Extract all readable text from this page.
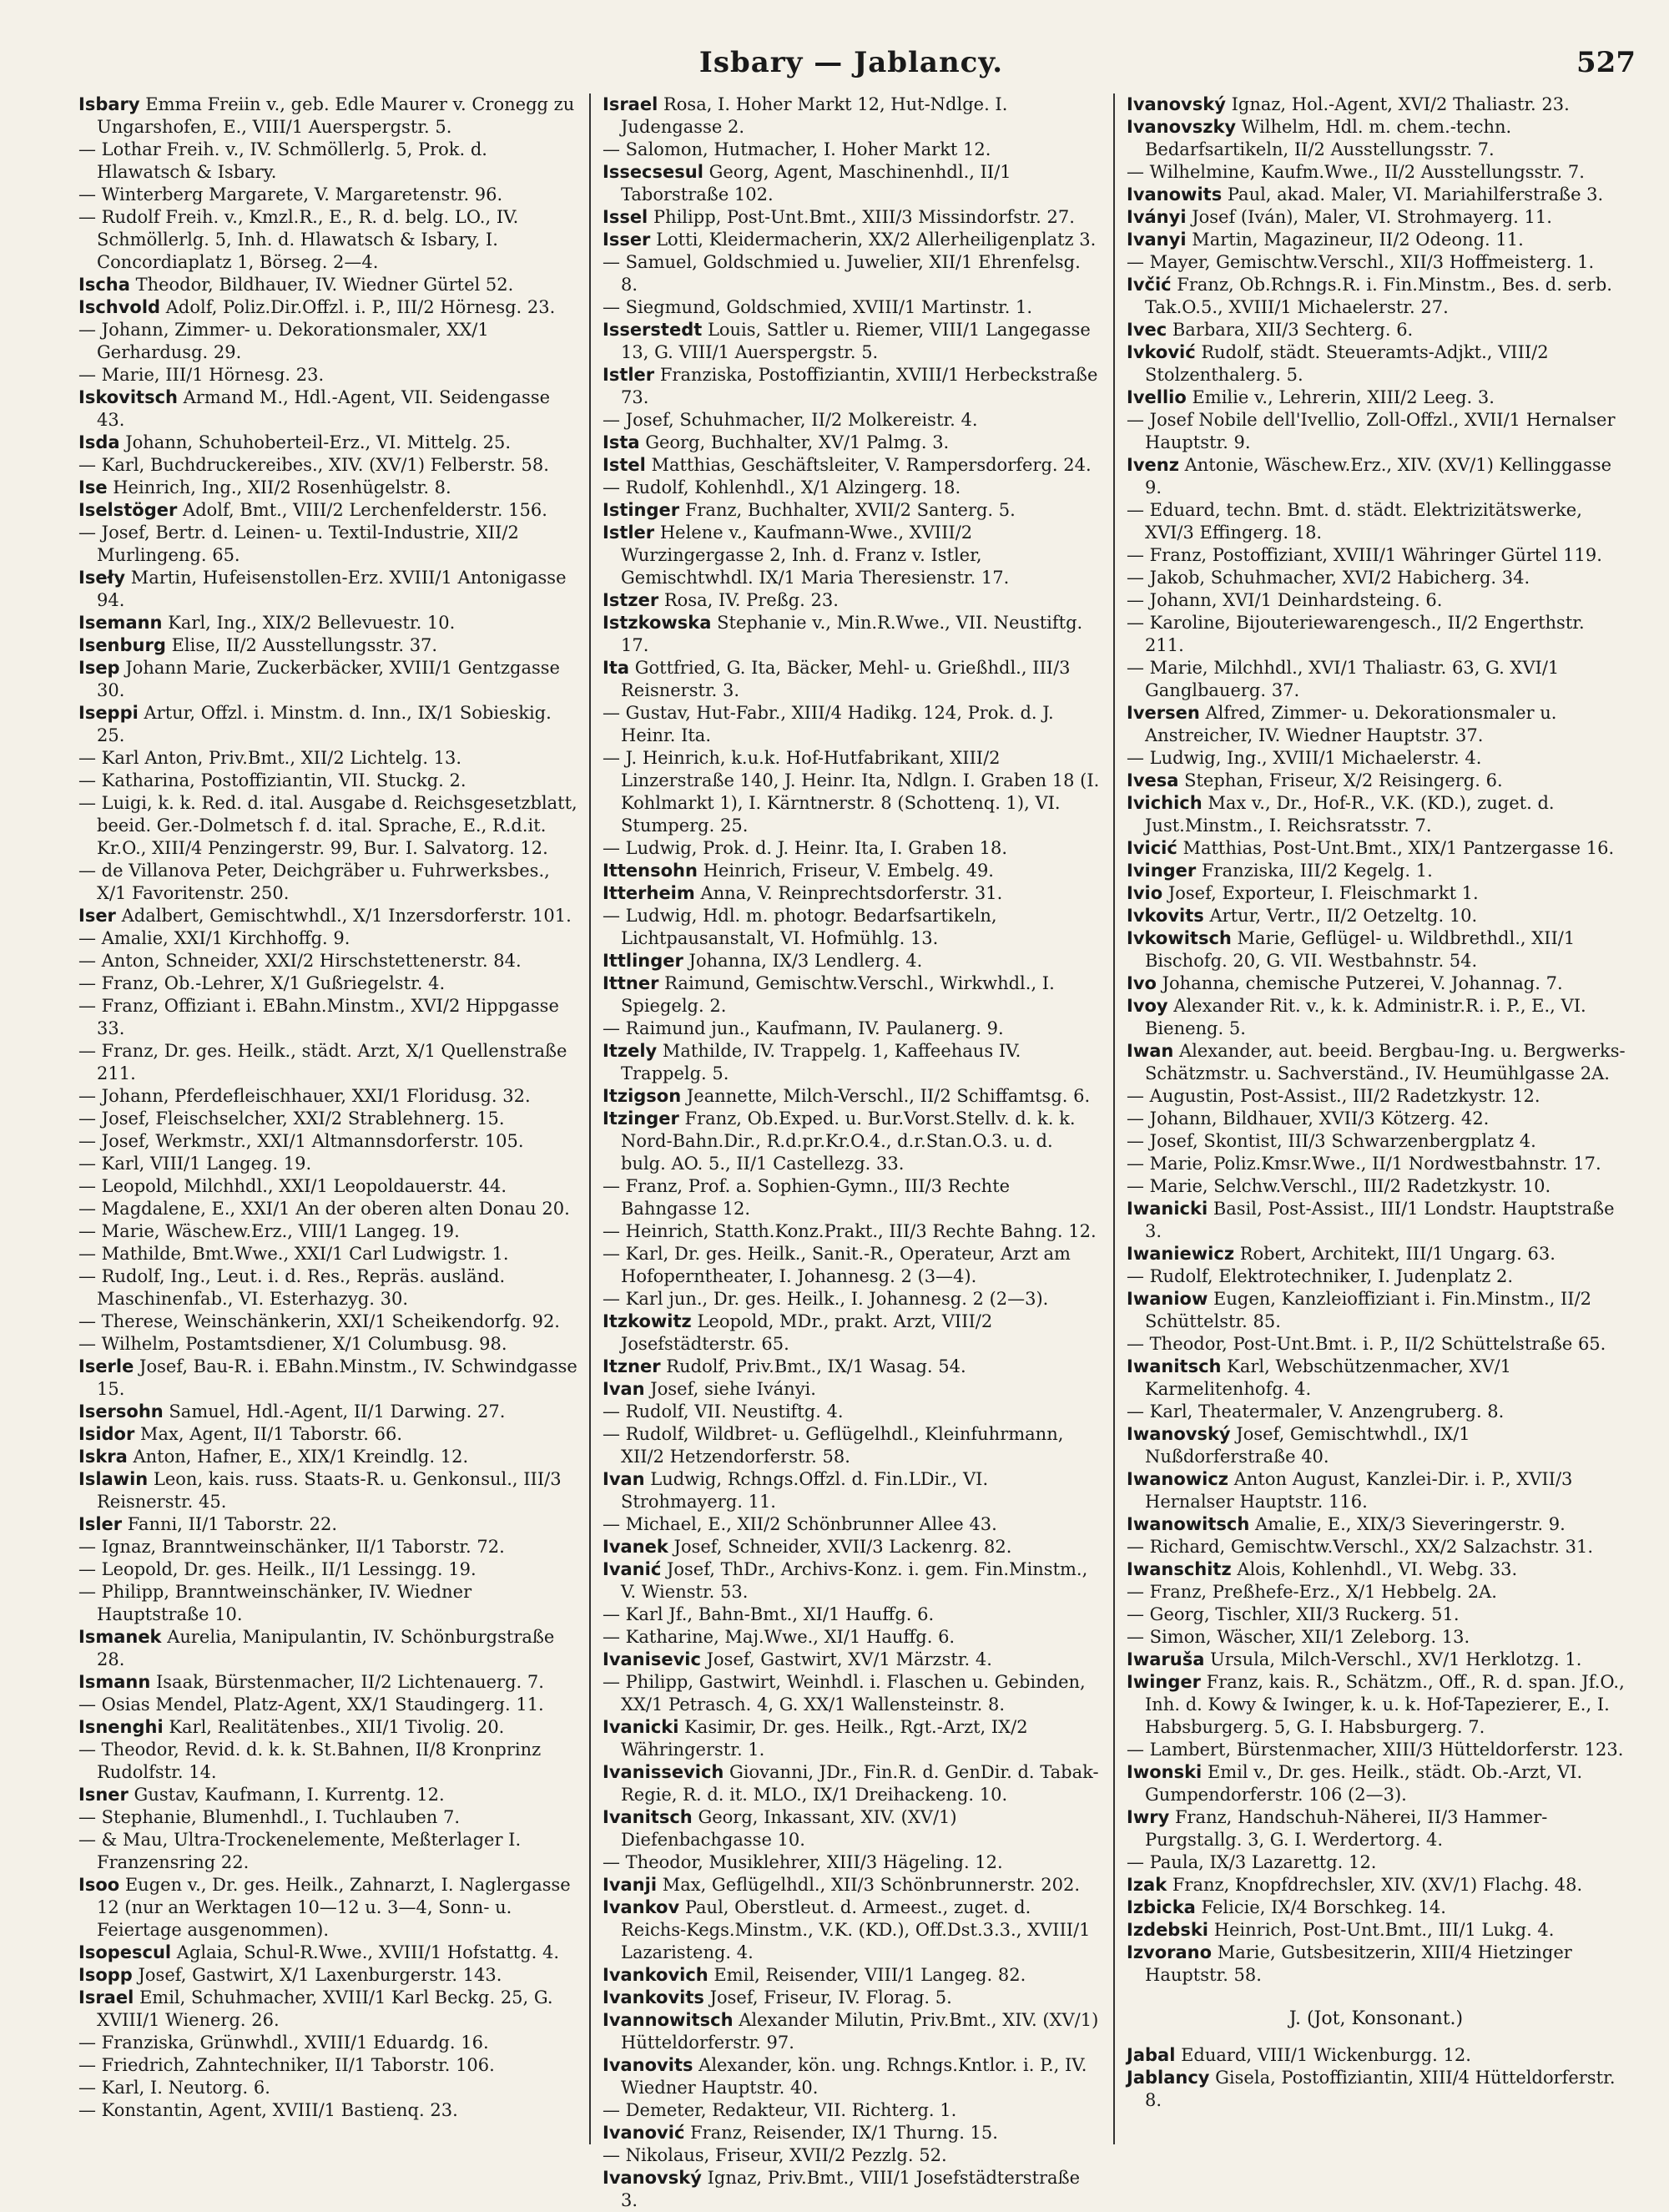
Isbary — Jablancy.	527

Isbary Emma Freiin v., geb. Edle Maurer v. Cronegg zu Ungarshofen, E., VIII/1 Auerspergstr. 5.

— Lothar Freih. v., IV. Schmöllerlg. 5, Prok. d. Hlawatsch & Isbary.

— Winterberg Margarete, V. Margaretenstr. 96.

— Rudolf Freih. v., Kmzl.R., E., R. d. belg. LO., IV. Schmöllerlg. 5, Inh. d. Hlawatsch & Isbary, I. Concordiaplatz 1, Börseg. 2—4.

Ischa Theodor, Bildhauer, IV. Wiedner Gürtel 52.

Ischvold Adolf, Poliz.Dir.Offzl. i. P., III/2 Hörnesg. 23.

— Johann, Zimmer- u. Dekorationsmaler, XX/1 Gerhardusg. 29.

— Marie, III/1 Hörnesg. 23.

Iskovitsch Armand M., Hdl.-Agent, VII. Seidengasse 43.

Isda Johann, Schuhoberteil-Erz., VI. Mittelg. 25.

— Karl, Buchdruckereibes., XIV. (XV/1) Felberstr. 58.

Ise Heinrich, Ing., XII/2 Rosenhügelstr. 8.

Iselstöger Adolf, Bmt., VIII/2 Lerchenfelderstr. 156.

— Josef, Bertr. d. Leinen- u. Textil-Industrie, XII/2 Murlingeng. 65.

Iseły Martin, Hufeisenstollen-Erz. XVIII/1 Antonigasse 94.

Isemann Karl, Ing., XIX/2 Bellevuestr. 10.

Isenburg Elise, II/2 Ausstellungsstr. 37.

Isep Johann Marie, Zuckerbäcker, XVIII/1 Gentzgasse 30.

Iseppi Artur, Offzl. i. Minstm. d. Inn., IX/1 Sobieskig. 25.

— Karl Anton, Priv.Bmt., XII/2 Lichtelg. 13.

— Katharina, Postoffiziantin, VII. Stuckg. 2.

— Luigi, k. k. Red. d. ital. Ausgabe d. Reichsgesetzblatt, beeid. Ger.-Dolmetsch f. d. ital. Sprache, E., R.d.it. Kr.O., XIII/4 Penzingerstr. 99, Bur. I. Salvatorg. 12.

— de Villanova Peter, Deichgräber u. Fuhrwerksbes., X/1 Favoritenstr. 250.

Iser Adalbert, Gemischtwhdl., X/1 Inzersdorferstr. 101.

— Amalie, XXI/1 Kirchhoffg. 9.

— Anton, Schneider, XXI/2 Hirschstettenerstr. 84.

— Franz, Ob.-Lehrer, X/1 Gußriegelstr. 4.

— Franz, Offiziant i. EBahn.Minstm., XVI/2 Hippgasse 33.

— Franz, Dr. ges. Heilk., städt. Arzt, X/1 Quellenstraße 211.

— Johann, Pferdefleischhauer, XXI/1 Floridusg. 32.

— Josef, Fleischselcher, XXI/2 Strablehnerg. 15.

— Josef, Werkmstr., XXI/1 Altmannsdorferstr. 105.

— Karl, VIII/1 Langeg. 19.

— Leopold, Milchhdl., XXI/1 Leopoldauerstr. 44.

— Magdalene, E., XXI/1 An der oberen alten Donau 20.

— Marie, Wäschew.Erz., VIII/1 Langeg. 19.

— Mathilde, Bmt.Wwe., XXI/1 Carl Ludwigstr. 1.

— Rudolf, Ing., Leut. i. d. Res., Repräs. ausländ. Maschinenfab., VI. Esterhazyg. 30.

— Therese, Weinschänkerin, XXI/1 Scheikendorfg. 92.

— Wilhelm, Postamtsdiener, X/1 Columbusg. 98.

Iserle Josef, Bau-R. i. EBahn.Minstm., IV. Schwindgasse 15.

Isersohn Samuel, Hdl.-Agent, II/1 Darwing. 27.

Isidor Max, Agent, II/1 Taborstr. 66.

Iskra Anton, Hafner, E., XIX/1 Kreindlg. 12.

Islawin Leon, kais. russ. Staats-R. u. Genkonsul., III/3 Reisnerstr. 45.

Isler Fanni, II/1 Taborstr. 22.

— Ignaz, Branntweinschänker, II/1 Taborstr. 72.

— Leopold, Dr. ges. Heilk., II/1 Lessingg. 19.

— Philipp, Branntweinschänker, IV. Wiedner Hauptstraße 10.

Ismanek Aurelia, Manipulantin, IV. Schönburgstraße 28.

Ismann Isaak, Bürstenmacher, II/2 Lichtenauerg. 7.

— Osias Mendel, Platz-Agent, XX/1 Staudingerg. 11.

Isnenghi Karl, Realitätenbes., XII/1 Tivolig. 20.

— Theodor, Revid. d. k. k. St.Bahnen, II/8 Kronprinz Rudolfstr. 14.

Isner Gustav, Kaufmann, I. Kurrentg. 12.

— Stephanie, Blumenhdl., I. Tuchlauben 7.

— & Mau, Ultra-Trockenelemente, Meßterlager I. Franzensring 22.

Isoo Eugen v., Dr. ges. Heilk., Zahnarzt, I. Naglergasse 12 (nur an Werktagen 10—12 u. 3—4, Sonn- u. Feiertage ausgenommen).

Isopescul Aglaia, Schul-R.Wwe., XVIII/1 Hofstattg. 4.

Isopp Josef, Gastwirt, X/1 Laxenburgerstr. 143.

Israel Emil, Schuhmacher, XVIII/1 Karl Beckg. 25, G. XVIII/1 Wienerg. 26.

— Franziska, Grünwhdl., XVIII/1 Eduardg. 16.

— Friedrich, Zahntechniker, II/1 Taborstr. 106.

— Karl, I. Neutorg. 6.

— Konstantin, Agent, XVIII/1 Bastienq. 23.

Israel Rosa, I. Hoher Markt 12, Hut-Ndlge. I. Judengasse 2.

— Salomon, Hutmacher, I. Hoher Markt 12.

Issecsesul Georg, Agent, Maschinenhdl., II/1 Taborstraße 102.

Issel Philipp, Post-Unt.Bmt., XIII/3 Missindorfstr. 27.

Isser Lotti, Kleidermacherin, XX/2 Allerheiligenplatz 3.

— Samuel, Goldschmied u. Juwelier, XII/1 Ehrenfelsg. 8.

— Siegmund, Goldschmied, XVIII/1 Martinstr. 1.

Isserstedt Louis, Sattler u. Riemer, VIII/1 Langegasse 13, G. VIII/1 Auerspergstr. 5.

Istler Franziska, Postoffiziantin, XVIII/1 Herbeckstraße 73.

— Josef, Schuhmacher, II/2 Molkereistr. 4.

Ista Georg, Buchhalter, XV/1 Palmg. 3.

Istel Matthias, Geschäftsleiter, V. Rampersdorferg. 24.

— Rudolf, Kohlenhdl., X/1 Alzingerg. 18.

Istinger Franz, Buchhalter, XVII/2 Santerg. 5.

Istler Helene v., Kaufmann-Wwe., XVIII/2 Wurzingergasse 2, Inh. d. Franz v. Istler, Gemischtwhdl. IX/1 Maria Theresienstr. 17.

Istzer Rosa, IV. Preßg. 23.

Istzkowska Stephanie v., Min.R.Wwe., VII. Neustiftg. 17.

Ita Gottfried, G. Ita, Bäcker, Mehl- u. Grießhdl., III/3 Reisnerstr. 3.

— Gustav, Hut-Fabr., XIII/4 Hadikg. 124, Prok. d. J. Heinr. Ita.

— J. Heinrich, k.u.k. Hof-Hutfabrikant, XIII/2 Linzerstraße 140, J. Heinr. Ita, Ndlgn. I. Graben 18 (I. Kohlmarkt 1), I. Kärntnerstr. 8 (Schottenq. 1), VI. Stumperg. 25.

— Ludwig, Prok. d. J. Heinr. Ita, I. Graben 18.

Ittensohn Heinrich, Friseur, V. Embelg. 49.

Itterheim Anna, V. Reinprechtsdorferstr. 31.

— Ludwig, Hdl. m. photogr. Bedarfsartikeln, Lichtpausanstalt, VI. Hofmühlg. 13.

Ittlinger Johanna, IX/3 Lendlerg. 4.

Ittner Raimund, Gemischtw.Verschl., Wirkwhdl., I. Spiegelg. 2.

— Raimund jun., Kaufmann, IV. Paulanerg. 9.

Itzely Mathilde, IV. Trappelg. 1, Kaffeehaus IV. Trappelg. 5.

Itzigson Jeannette, Milch-Verschl., II/2 Schiffamtsg. 6.

Itzinger Franz, Ob.Exped. u. Bur.Vorst.Stellv. d. k. k. Nord-Bahn.Dir., R.d.pr.Kr.O.4., d.r.Stan.O.3. u. d. bulg. AO. 5., II/1 Castellezg. 33.

— Franz, Prof. a. Sophien-Gymn., III/3 Rechte Bahngasse 12.

— Heinrich, Statth.Konz.Prakt., III/3 Rechte Bahng. 12.

— Karl, Dr. ges. Heilk., Sanit.-R., Operateur, Arzt am Hofoperntheater, I. Johannesg. 2 (3—4).

— Karl jun., Dr. ges. Heilk., I. Johannesg. 2 (2—3).

Itzkowitz Leopold, MDr., prakt. Arzt, VIII/2 Josefstädterstr. 65.

Itzner Rudolf, Priv.Bmt., IX/1 Wasag. 54.

Ivan Josef, siehe Iványi.

— Rudolf, VII. Neustiftg. 4.

— Rudolf, Wildbret- u. Geflügelhdl., Kleinfuhrmann, XII/2 Hetzendorferstr. 58.

Ivan Ludwig, Rchngs.Offzl. d. Fin.LDir., VI. Strohmayerg. 11.

— Michael, E., XII/2 Schönbrunner Allee 43.

Ivanek Josef, Schneider, XVII/3 Lackenrg. 82.

Ivanić Josef, ThDr., Archivs-Konz. i. gem. Fin.Minstm., V. Wienstr. 53.

— Karl Jf., Bahn-Bmt., XI/1 Hauffg. 6.

— Katharine, Maj.Wwe., XI/1 Hauffg. 6.

Ivanisevic Josef, Gastwirt, XV/1 Märzstr. 4.

— Philipp, Gastwirt, Weinhdl. i. Flaschen u. Gebinden, XX/1 Petrasch. 4, G. XX/1 Wallensteinstr. 8.

Ivanicki Kasimir, Dr. ges. Heilk., Rgt.-Arzt, IX/2 Währingerstr. 1.

Ivanissevich Giovanni, JDr., Fin.R. d. GenDir. d. Tabak-Regie, R. d. it. MLO., IX/1 Dreihackeng. 10.

Ivanitsch Georg, Inkassant, XIV. (XV/1) Diefenbachgasse 10.

— Theodor, Musiklehrer, XIII/3 Hägeling. 12.

Ivanji Max, Geflügelhdl., XII/3 Schönbrunnerstr. 202.

Ivankov Paul, Oberstleut. d. Armeest., zuget. d. Reichs-Kegs.Minstm., V.K. (KD.), Off.Dst.3.3., XVIII/1 Lazaristeng. 4.

Ivankovich Emil, Reisender, VIII/1 Langeg. 82.

Ivankovits Josef, Friseur, IV. Florag. 5.

Ivannowitsch Alexander Milutin, Priv.Bmt., XIV. (XV/1) Hütteldorferstr. 97.

Ivanovits Alexander, kön. ung. Rchngs.Kntlor. i. P., IV. Wiedner Hauptstr. 40.

— Demeter, Redakteur, VII. Richterg. 1.

Ivanović Franz, Reisender, IX/1 Thurng. 15.

— Nikolaus, Friseur, XVII/2 Pezzlg. 52.

Ivanovský Ignaz, Priv.Bmt., VIII/1 Josefstädterstraße 3.

Ivanovský Ignaz, Hol.-Agent, XVI/2 Thaliastr. 23.

Ivanovszky Wilhelm, Hdl. m. chem.-techn. Bedarfsartikeln, II/2 Ausstellungsstr. 7.

— Wilhelmine, Kaufm.Wwe., II/2 Ausstellungsstr. 7.

Ivanowits Paul, akad. Maler, VI. Mariahilferstraße 3.

Iványi Josef (Iván), Maler, VI. Strohmayerg. 11.

Ivanyi Martin, Magazineur, II/2 Odeong. 11.

— Mayer, Gemischtw.Verschl., XII/3 Hoffmeisterg. 1.

Ivčić Franz, Ob.Rchngs.R. i. Fin.Minstm., Bes. d. serb. Tak.O.5., XVIII/1 Michaelerstr. 27.

Ivec Barbara, XII/3 Sechterg. 6.

Ivković Rudolf, städt. Steueramts-Adjkt., VIII/2 Stolzenthalerg. 5.

Ivellio Emilie v., Lehrerin, XIII/2 Leeg. 3.

— Josef Nobile dell'Ivellio, Zoll-Offzl., XVII/1 Hernalser Hauptstr. 9.

Ivenz Antonie, Wäschew.Erz., XIV. (XV/1) Kellinggasse 9.

— Eduard, techn. Bmt. d. städt. Elektrizitätswerke, XVI/3 Effingerg. 18.

— Franz, Postoffiziant, XVIII/1 Währinger Gürtel 119.

— Jakob, Schuhmacher, XVI/2 Habicherg. 34.

— Johann, XVI/1 Deinhardsteing. 6.

— Karoline, Bijouteriewarengesch., II/2 Engerthstr. 211.

— Marie, Milchhdl., XVI/1 Thaliastr. 63, G. XVI/1 Ganglbauerg. 37.

Iversen Alfred, Zimmer- u. Dekorationsmaler u. Anstreicher, IV. Wiedner Hauptstr. 37.

— Ludwig, Ing., XVIII/1 Michaelerstr. 4.

Ivesa Stephan, Friseur, X/2 Reisingerg. 6.

Ivichich Max v., Dr., Hof-R., V.K. (KD.), zuget. d. Just.Minstm., I. Reichsratsstr. 7.

Ivicić Matthias, Post-Unt.Bmt., XIX/1 Pantzergasse 16.

Ivinger Franziska, III/2 Kegelg. 1.

Ivio Josef, Exporteur, I. Fleischmarkt 1.

Ivkovits Artur, Vertr., II/2 Oetzeltg. 10.

Ivkowitsch Marie, Geflügel- u. Wildbrethdl., XII/1 Bischofg. 20, G. VII. Westbahnstr. 54.

Ivo Johanna, chemische Putzerei, V. Johannag. 7.

Ivoy Alexander Rit. v., k. k. Administr.R. i. P., E., VI. Bieneng. 5.

Iwan Alexander, aut. beeid. Bergbau-Ing. u. Bergwerks-Schätzmstr. u. Sachverständ., IV. Heumühlgasse 2A.

— Augustin, Post-Assist., III/2 Radetzkystr. 12.

— Johann, Bildhauer, XVII/3 Kötzerg. 42.

— Josef, Skontist, III/3 Schwarzenbergplatz 4.

— Marie, Poliz.Kmsr.Wwe., II/1 Nordwestbahnstr. 17.

— Marie, Selchw.Verschl., III/2 Radetzkystr. 10.

Iwanicki Basil, Post-Assist., III/1 Londstr. Hauptstraße 3.

Iwaniewicz Robert, Architekt, III/1 Ungarg. 63.

— Rudolf, Elektrotechniker, I. Judenplatz 2.

Iwaniow Eugen, Kanzleioffiziant i. Fin.Minstm., II/2 Schüttelstr. 85.

— Theodor, Post-Unt.Bmt. i. P., II/2 Schüttelstraße 65.

Iwanitsch Karl, Webschützenmacher, XV/1 Karmelitenhofg. 4.

— Karl, Theatermaler, V. Anzengruberg. 8.

Iwanovský Josef, Gemischtwhdl., IX/1 Nußdorferstraße 40.

Iwanowicz Anton August, Kanzlei-Dir. i. P., XVII/3 Hernalser Hauptstr. 116.

Iwanowitsch Amalie, E., XIX/3 Sieveringerstr. 9.

— Richard, Gemischtw.Verschl., XX/2 Salzachstr. 31.

Iwanschitz Alois, Kohlenhdl., VI. Webg. 33.

— Franz, Preßhefe-Erz., X/1 Hebbelg. 2A.

— Georg, Tischler, XII/3 Ruckerg. 51.

— Simon, Wäscher, XII/1 Zeleborg. 13.

Iwaruša Ursula, Milch-Verschl., XV/1 Herklotzg. 1.

Iwinger Franz, kais. R., Schätzm., Off., R. d. span. Jf.O., Inh. d. Kowy & Iwinger, k. u. k. Hof-Tapezierer, E., I. Habsburgerg. 5, G. I. Habsburgerg. 7.

— Lambert, Bürstenmacher, XIII/3 Hütteldorferstr. 123.

Iwonski Emil v., Dr. ges. Heilk., städt. Ob.-Arzt, VI. Gumpendorferstr. 106 (2—3).

Iwry Franz, Handschuh-Näherei, II/3 Hammer-Purgstallg. 3, G. I. Werdertorg. 4.

— Paula, IX/3 Lazarettg. 12.

Izak Franz, Knopfdrechsler, XIV. (XV/1) Flachg. 48.

Izbicka Felicie, IX/4 Borschkeg. 14.

Izdebski Heinrich, Post-Unt.Bmt., III/1 Lukg. 4.

Izvorano Marie, Gutsbesitzerin, XIII/4 Hietzinger Hauptstr. 58.

J. (Jot, Konsonant.)

Jabal Eduard, VIII/1 Wickenburgg. 12.

Jablancy Gisela, Postoffiziantin, XIII/4 Hütteldorferstr. 8.
